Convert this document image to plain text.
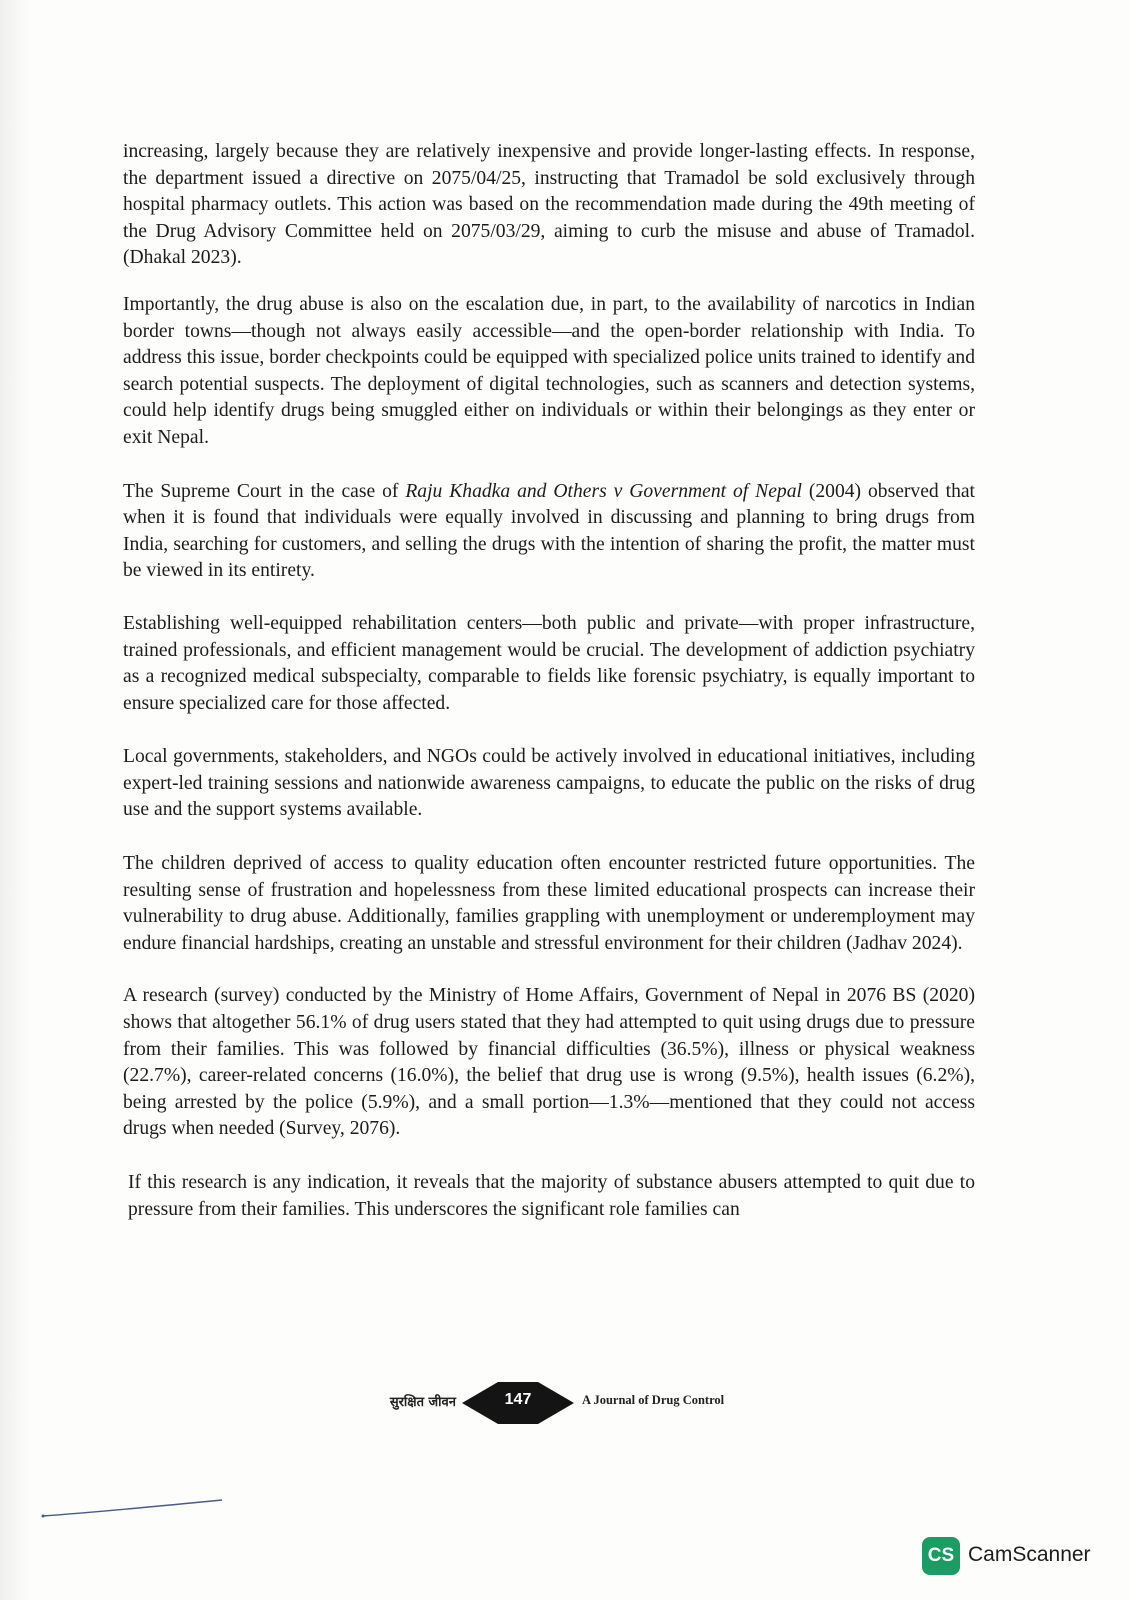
increasing, largely because they are relatively inexpensive and provide longer-lasting effects. In response, the department issued a directive on 2075/04/25, instructing that Tramadol be sold exclusively through hospital pharmacy outlets. This action was based on the recommendation made during the 49th meeting of the Drug Advisory Committee held on 2075/03/29, aiming to curb the misuse and abuse of Tramadol. (Dhakal 2023).

Importantly, the drug abuse is also on the escalation due, in part, to the availability of narcotics in Indian border towns—though not always easily accessible—and the open-border relationship with India. To address this issue, border checkpoints could be equipped with specialized police units trained to identify and search potential suspects. The deployment of digital technologies, such as scanners and detection systems, could help identify drugs being smuggled either on individuals or within their belongings as they enter or exit Nepal.

The Supreme Court in the case of Raju Khadka and Others v Government of Nepal (2004) observed that when it is found that individuals were equally involved in discussing and planning to bring drugs from India, searching for customers, and selling the drugs with the intention of sharing the profit, the matter must be viewed in its entirety.

Establishing well-equipped rehabilitation centers—both public and private—with proper infrastructure, trained professionals, and efficient management would be crucial. The development of addiction psychiatry as a recognized medical subspecialty, comparable to fields like forensic psychiatry, is equally important to ensure specialized care for those affected.

Local governments, stakeholders, and NGOs could be actively involved in educational initiatives, including expert-led training sessions and nationwide awareness campaigns, to educate the public on the risks of drug use and the support systems available.

The children deprived of access to quality education often encounter restricted future opportunities. The resulting sense of frustration and hopelessness from these limited educational prospects can increase their vulnerability to drug abuse. Additionally, families grappling with unemployment or underemployment may endure financial hardships, creating an unstable and stressful environment for their children (Jadhav 2024).

A research (survey) conducted by the Ministry of Home Affairs, Government of Nepal in 2076 BS (2020) shows that altogether 56.1% of drug users stated that they had attempted to quit using drugs due to pressure from their families. This was followed by financial difficulties (36.5%), illness or physical weakness (22.7%), career-related concerns (16.0%), the belief that drug use is wrong (9.5%), health issues (6.2%), being arrested by the police (5.9%), and a small portion—1.3%—mentioned that they could not access drugs when needed (Survey, 2076).

If this research is any indication, it reveals that the majority of substance abusers attempted to quit due to pressure from their families. This underscores the significant role families can

सुरक्षित जीवन	147	A Journal of Drug Control
CS CamScanner
